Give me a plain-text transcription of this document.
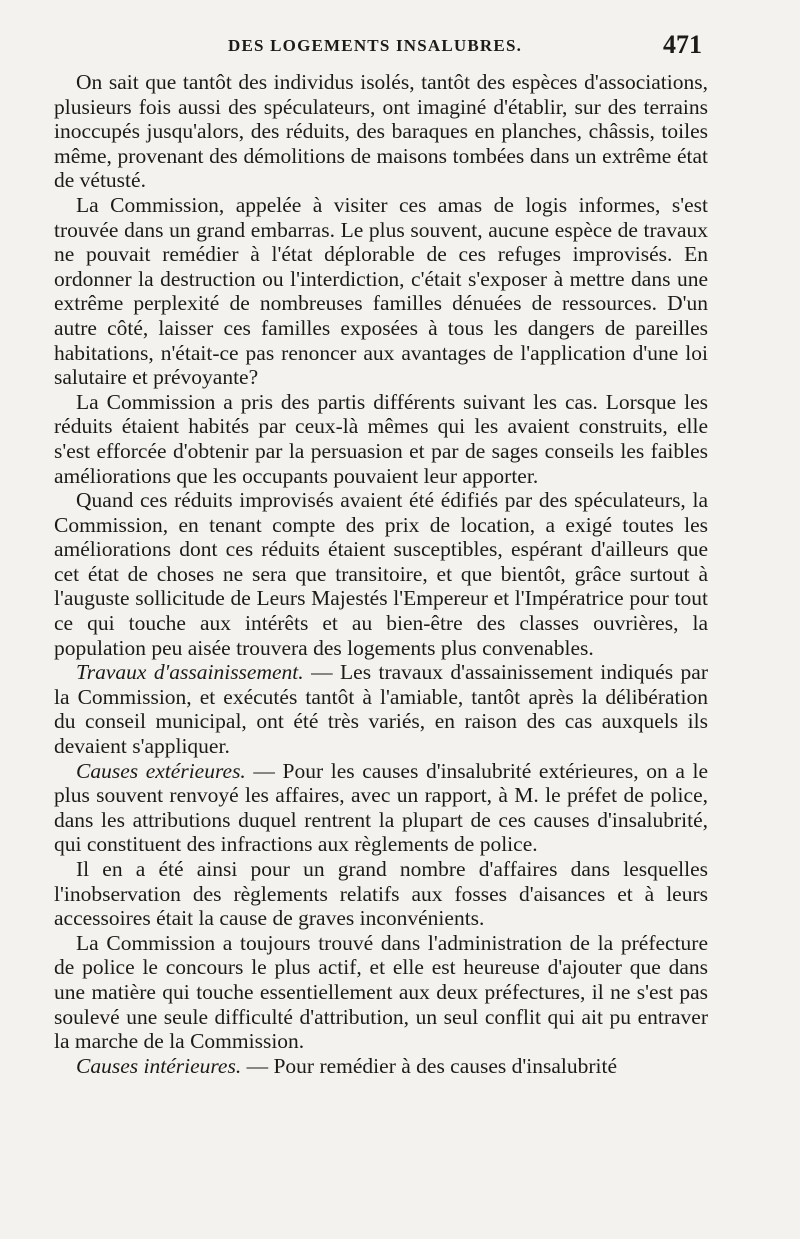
DES LOGEMENTS INSALUBRES.	471

On sait que tantôt des individus isolés, tantôt des espèces d'associations, plusieurs fois aussi des spéculateurs, ont imaginé d'établir, sur des terrains inoccupés jusqu'alors, des réduits, des baraques en planches, châssis, toiles même, provenant des démolitions de maisons tombées dans un extrême état de vétusté.

La Commission, appelée à visiter ces amas de logis informes, s'est trouvée dans un grand embarras. Le plus souvent, aucune espèce de travaux ne pouvait remédier à l'état déplorable de ces refuges improvisés. En ordonner la destruction ou l'interdiction, c'était s'exposer à mettre dans une extrême perplexité de nombreuses familles dénuées de ressources. D'un autre côté, laisser ces familles exposées à tous les dangers de pareilles habitations, n'était-ce pas renoncer aux avantages de l'application d'une loi salutaire et prévoyante?

La Commission a pris des partis différents suivant les cas. Lorsque les réduits étaient habités par ceux-là mêmes qui les avaient construits, elle s'est efforcée d'obtenir par la persuasion et par de sages conseils les faibles améliorations que les occupants pouvaient leur apporter.

Quand ces réduits improvisés avaient été édifiés par des spéculateurs, la Commission, en tenant compte des prix de location, a exigé toutes les améliorations dont ces réduits étaient susceptibles, espérant d'ailleurs que cet état de choses ne sera que transitoire, et que bientôt, grâce surtout à l'auguste sollicitude de Leurs Majestés l'Empereur et l'Impératrice pour tout ce qui touche aux intérêts et au bien-être des classes ouvrières, la population peu aisée trouvera des logements plus convenables.

Travaux d'assainissement. — Les travaux d'assainissement indiqués par la Commission, et exécutés tantôt à l'amiable, tantôt après la délibération du conseil municipal, ont été très variés, en raison des cas auxquels ils devaient s'appliquer.

Causes extérieures. — Pour les causes d'insalubrité extérieures, on a le plus souvent renvoyé les affaires, avec un rapport, à M. le préfet de police, dans les attributions duquel rentrent la plupart de ces causes d'insalubrité, qui constituent des infractions aux règlements de police.

Il en a été ainsi pour un grand nombre d'affaires dans lesquelles l'inobservation des règlements relatifs aux fosses d'aisances et à leurs accessoires était la cause de graves inconvénients.

La Commission a toujours trouvé dans l'administration de la préfecture de police le concours le plus actif, et elle est heureuse d'ajouter que dans une matière qui touche essentiellement aux deux préfectures, il ne s'est pas soulevé une seule difficulté d'attribution, un seul conflit qui ait pu entraver la marche de la Commission.

Causes intérieures. — Pour remédier à des causes d'insalubrité
